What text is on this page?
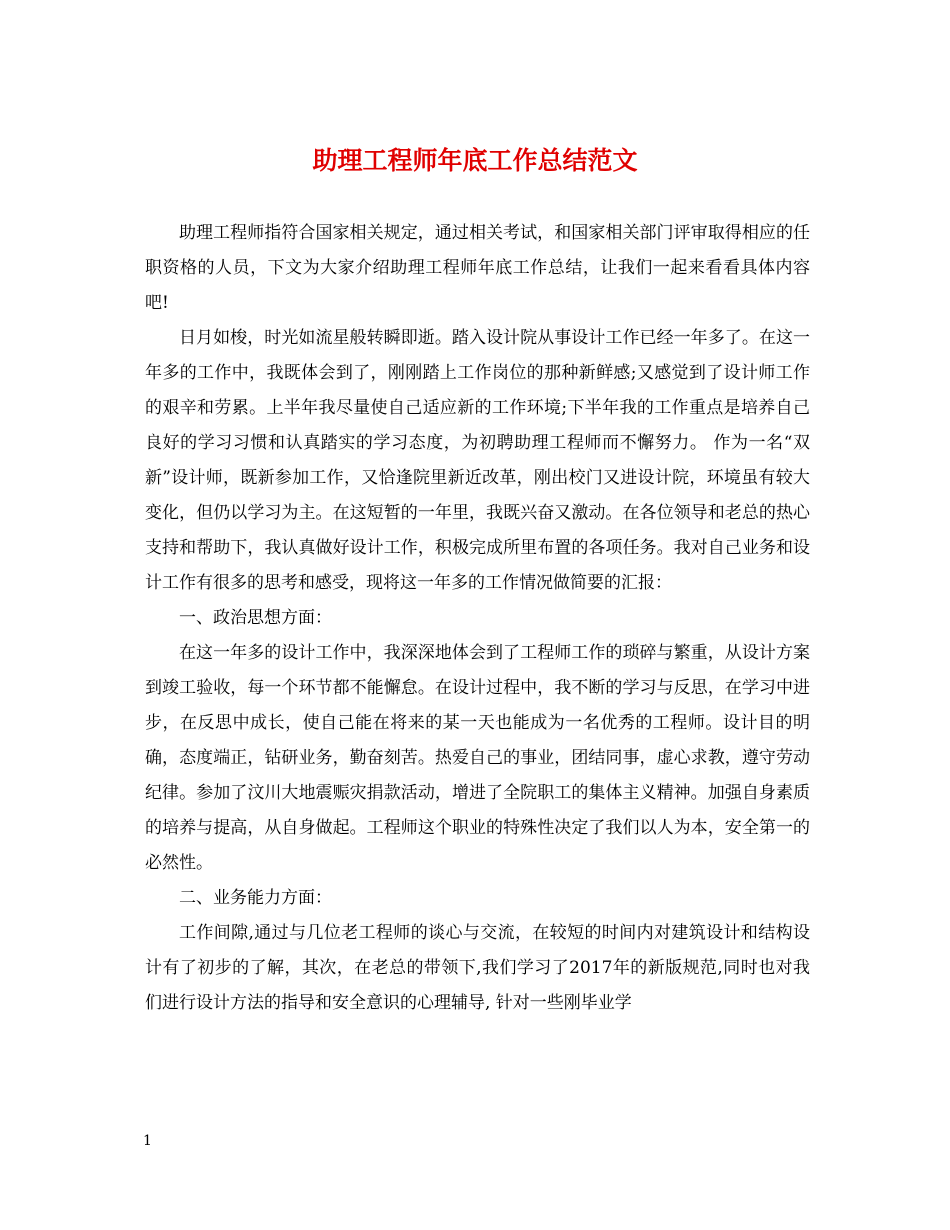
助理工程师年底工作总结范文

助理工程师指符合国家相关规定，通过相关考试，和国家相关部门评审取得相应的任职资格的人员，下文为大家介绍助理工程师年底工作总结，让我们一起来看看具体内容吧!

日月如梭，时光如流星般转瞬即逝。踏入设计院从事设计工作已经一年多了。在这一年多的工作中，我既体会到了，刚刚踏上工作岗位的那种新鲜感;又感觉到了设计师工作的艰辛和劳累。上半年我尽量使自己适应新的工作环境;下半年我的工作重点是培养自己良好的学习习惯和认真踏实的学习态度，为初聘助理工程师而不懈努力。 作为一名“双新”设计师，既新参加工作，又恰逢院里新近改革，刚出校门又进设计院，环境虽有较大变化，但仍以学习为主。在这短暂的一年里，我既兴奋又激动。在各位领导和老总的热心支持和帮助下，我认真做好设计工作，积极完成所里布置的各项任务。我对自己业务和设计工作有很多的思考和感受，现将这一年多的工作情况做简要的汇报：

一、政治思想方面：

在这一年多的设计工作中，我深深地体会到了工程师工作的琐碎与繁重，从设计方案到竣工验收，每一个环节都不能懈怠。在设计过程中，我不断的学习与反思，在学习中进步，在反思中成长，使自己能在将来的某一天也能成为一名优秀的工程师。设计目的明确，态度端正，钻研业务，勤奋刻苦。热爱自己的事业，团结同事，虚心求教，遵守劳动纪律。参加了汶川大地震赈灾捐款活动，增进了全院职工的集体主义精神。加强自身素质的培养与提高，从自身做起。工程师这个职业的特殊性决定了我们以人为本，安全第一的必然性。

二、业务能力方面：

工作间隙,通过与几位老工程师的谈心与交流，在较短的时间内对建筑设计和结构设计有了初步的了解，其次，在老总的带领下,我们学习了2017年的新版规范,同时也对我们进行设计方法的指导和安全意识的心理辅导, 针对一些刚毕业学

1
